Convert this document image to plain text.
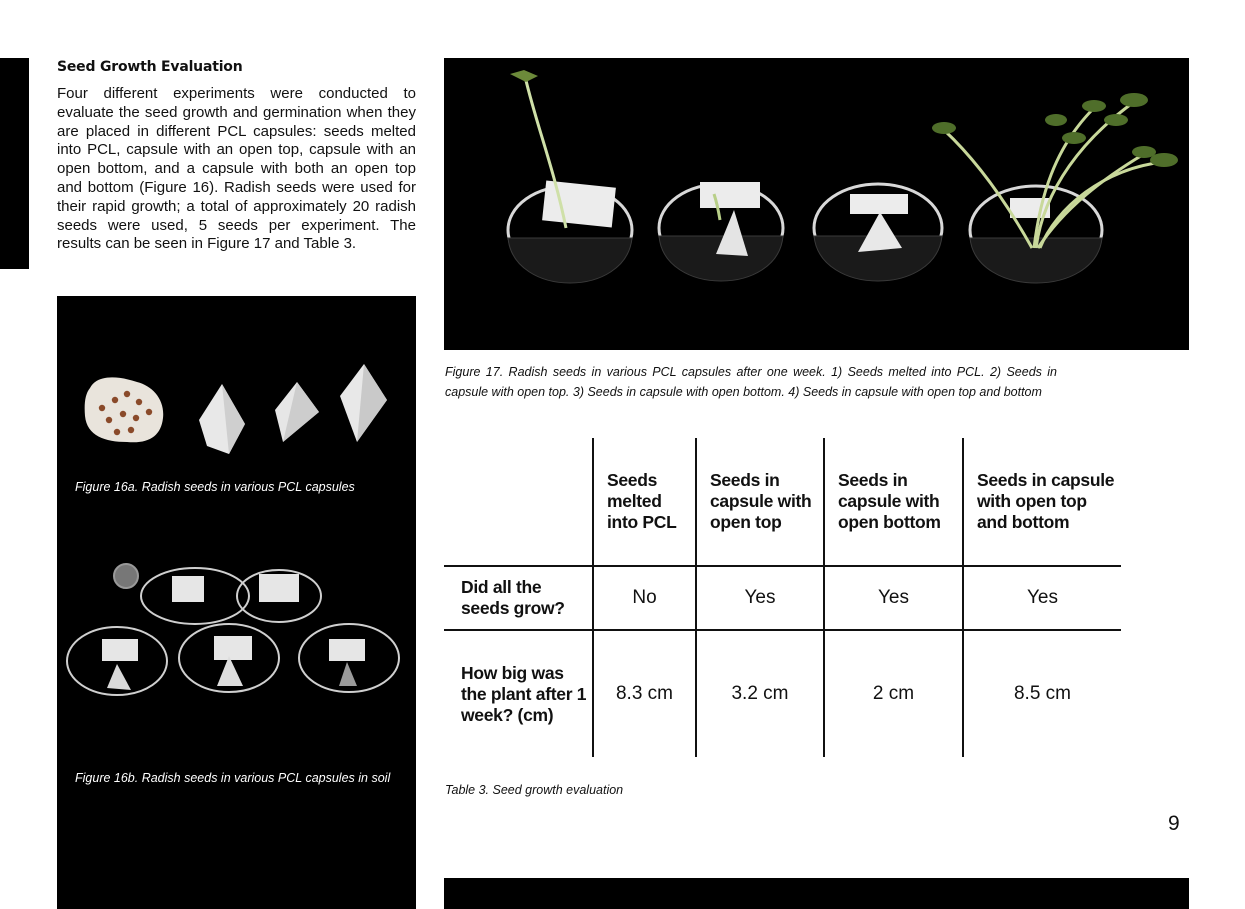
Seed Growth Evaluation

Four different experiments were conducted to evaluate the seed growth and germination when they are placed in different PCL capsules: seeds melted into PCL, capsule with an open top, capsule with an open bottom, and a capsule with both an open top and bottom (Figure 16). Radish seeds were used for their rapid growth; a total of approximately 20 radish seeds were used, 5 seeds per experiment. The results can be seen in Figure 17 and Table 3.

Figure 16a. Radish seeds in various PCL capsules

Figure 16b. Radish seeds in various PCL capsules in soil

Figure 17. Radish seeds in various PCL capsules after one week. 1) Seeds melted into PCL. 2) Seeds in capsule with open top. 3) Seeds in capsule with open bottom. 4) Seeds in capsule with open top and bottom

	Seeds melted into PCL	Seeds in capsule with open top	Seeds in capsule with open bottom	Seeds in capsule with open top and bottom
Did all the seeds grow?	No	Yes	Yes	Yes
How big was the plant after 1 week? (cm)	8.3 cm	3.2 cm	2 cm	8.5 cm

Table 3. Seed growth evaluation

9
